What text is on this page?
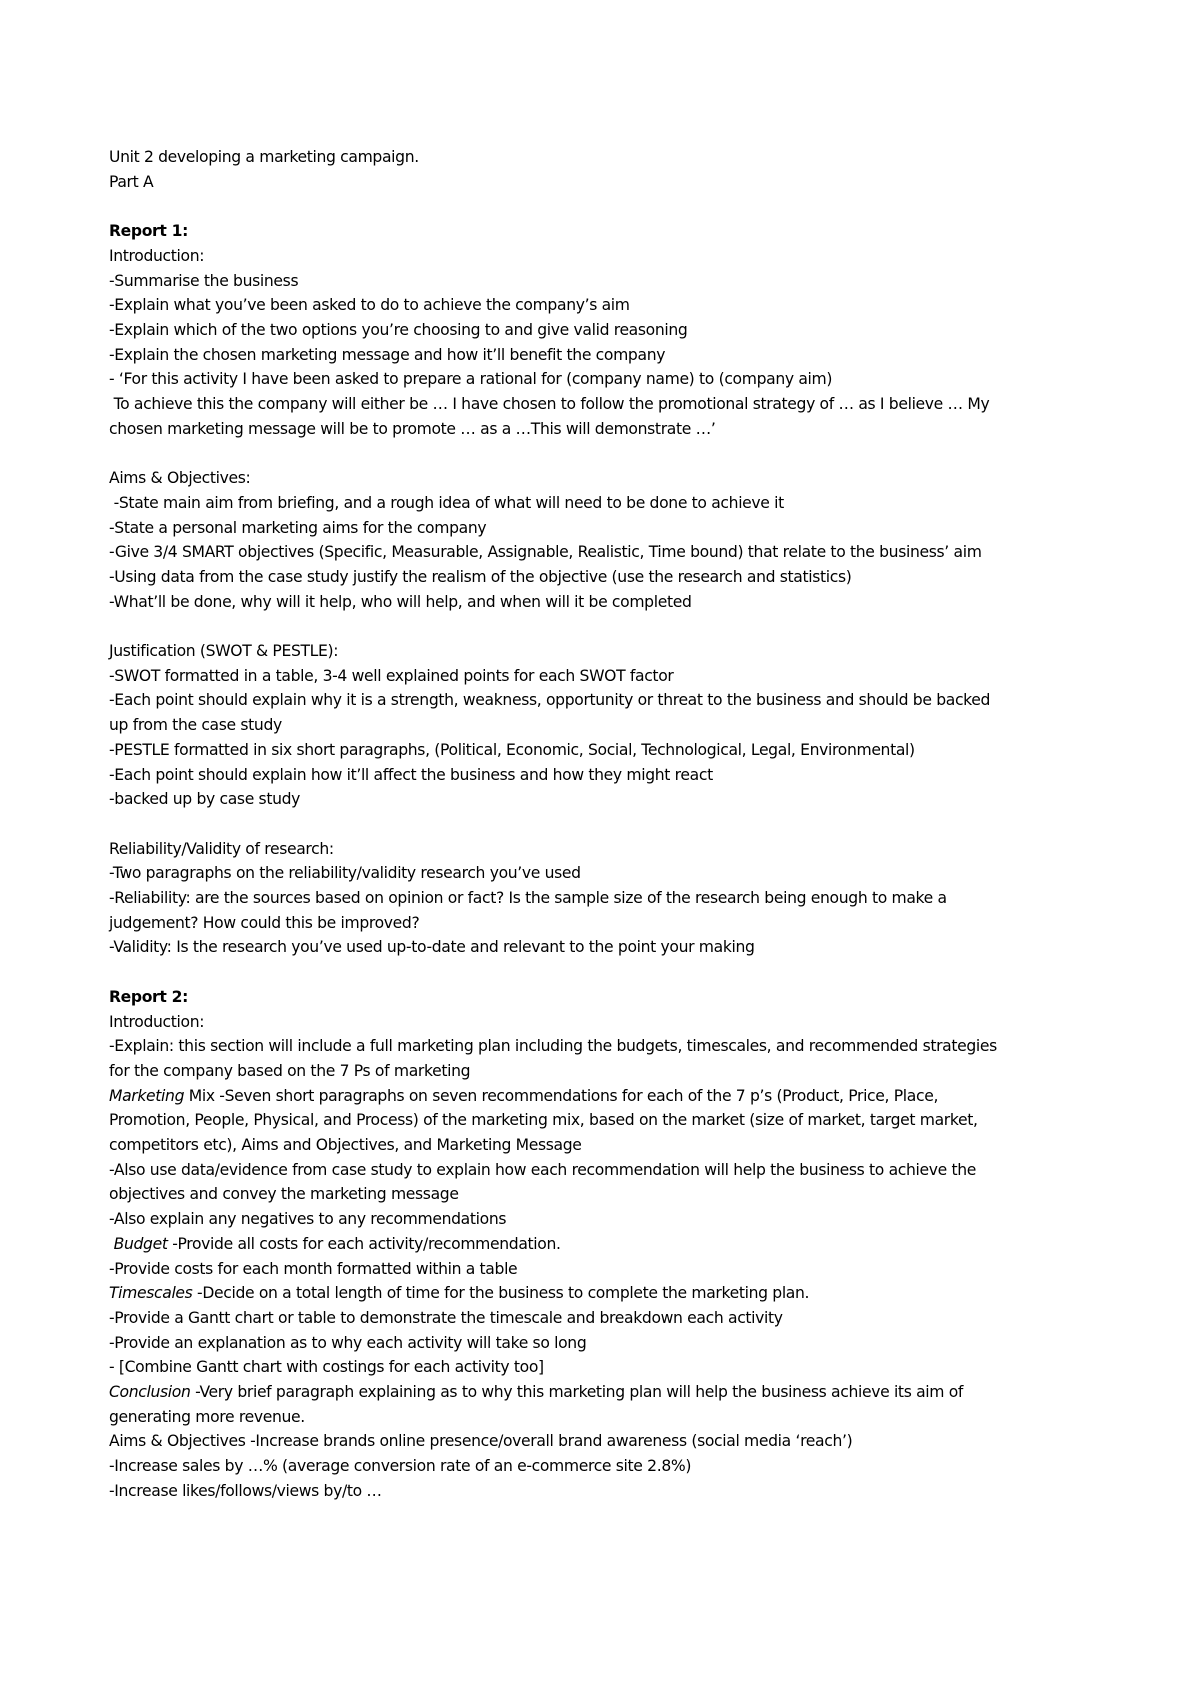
Unit 2 developing a marketing campaign.
Part A
Report 1:
Introduction:
-Summarise the business
-Explain what you’ve been asked to do to achieve the company’s aim
-Explain which of the two options you’re choosing to and give valid reasoning
-Explain the chosen marketing message and how it’ll benefit the company
- ‘For this activity I have been asked to prepare a rational for (company name) to (company aim)
To achieve this the company will either be … I have chosen to follow the promotional strategy of … as I believe … My
chosen marketing message will be to promote … as a …This will demonstrate …’
Aims & Objectives:
-State main aim from briefing, and a rough idea of what will need to be done to achieve it
-State a personal marketing aims for the company
-Give 3/4 SMART objectives (Specific, Measurable, Assignable, Realistic, Time bound) that relate to the business’ aim
-Using data from the case study justify the realism of the objective (use the research and statistics)
-What’ll be done, why will it help, who will help, and when will it be completed
Justification (SWOT & PESTLE):
-SWOT formatted in a table, 3-4 well explained points for each SWOT factor
-Each point should explain why it is a strength, weakness, opportunity or threat to the business and should be backed
up from the case study
-PESTLE formatted in six short paragraphs, (Political, Economic, Social, Technological, Legal, Environmental)
-Each point should explain how it’ll affect the business and how they might react
-backed up by case study
Reliability/Validity of research:
-Two paragraphs on the reliability/validity research you’ve used
-Reliability: are the sources based on opinion or fact? Is the sample size of the research being enough to make a
judgement? How could this be improved?
-Validity: Is the research you’ve used up-to-date and relevant to the point your making
Report 2:
Introduction:
-Explain: this section will include a full marketing plan including the budgets, timescales, and recommended strategies
for the company based on the 7 Ps of marketing
Marketing Mix -Seven short paragraphs on seven recommendations for each of the 7 p’s (Product, Price, Place,
Promotion, People, Physical, and Process) of the marketing mix, based on the market (size of market, target market,
competitors etc), Aims and Objectives, and Marketing Message
-Also use data/evidence from case study to explain how each recommendation will help the business to achieve the
objectives and convey the marketing message
-Also explain any negatives to any recommendations
Budget -Provide all costs for each activity/recommendation.
-Provide costs for each month formatted within a table
Timescales -Decide on a total length of time for the business to complete the marketing plan.
-Provide a Gantt chart or table to demonstrate the timescale and breakdown each activity
-Provide an explanation as to why each activity will take so long
- [Combine Gantt chart with costings for each activity too]
Conclusion -Very brief paragraph explaining as to why this marketing plan will help the business achieve its aim of
generating more revenue.
Aims & Objectives -Increase brands online presence/overall brand awareness (social media ‘reach’)
-Increase sales by …% (average conversion rate of an e-commerce site 2.8%)
-Increase likes/follows/views by/to …
